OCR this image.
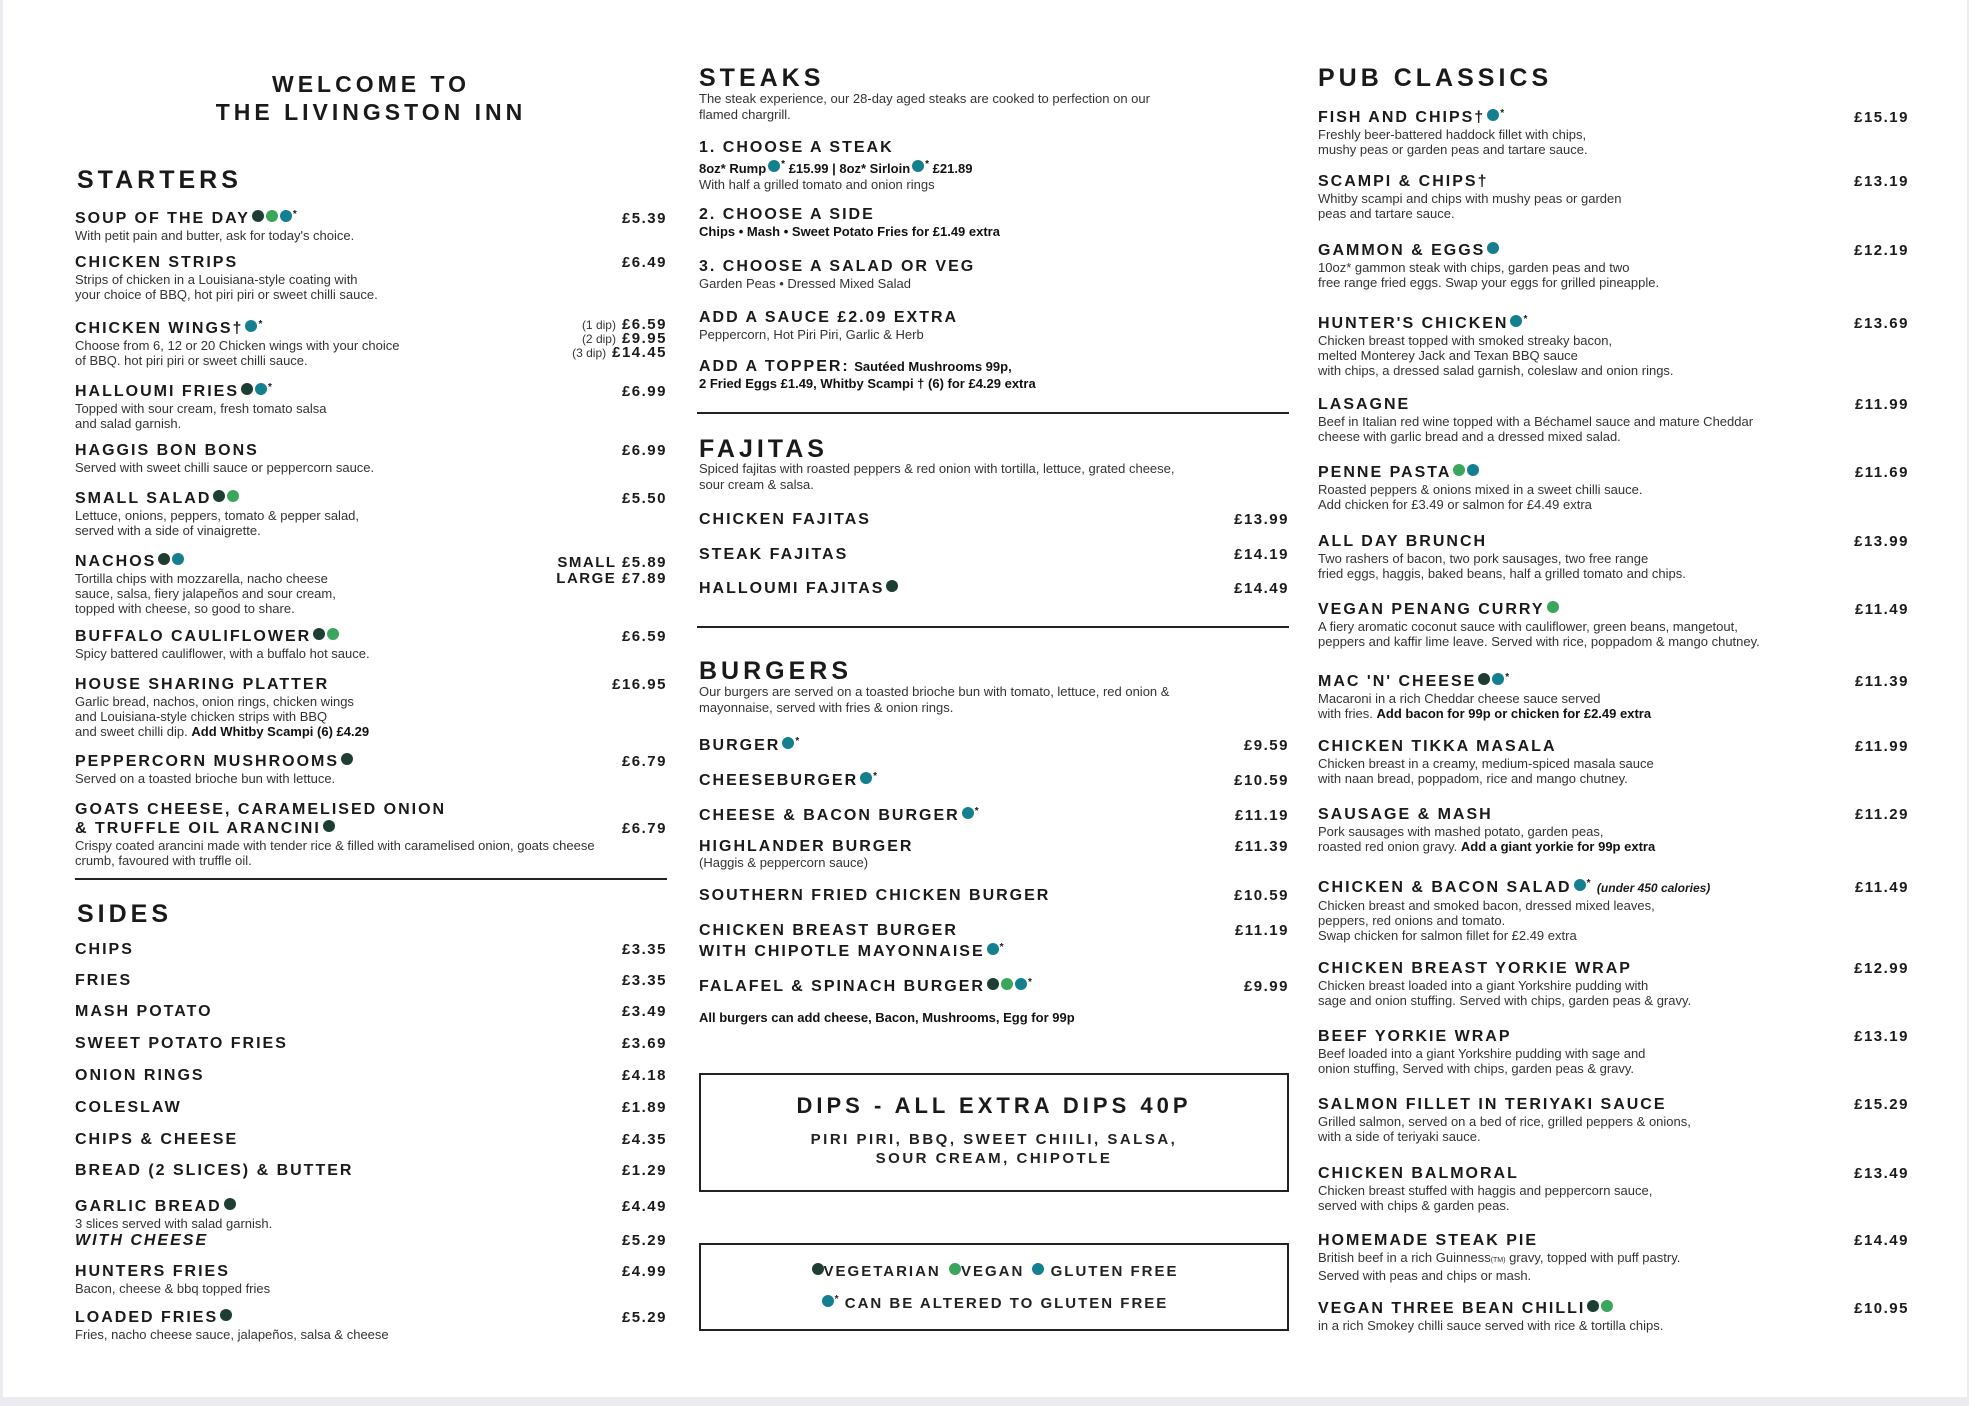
WELCOME TO
THE LIVINGSTON INN
STARTERS
SOUP OF THE DAY	*	£5.39
With petit pain and butter, ask for today's choice.
CHICKEN STRIPS	£6.49
Strips of chicken in a Louisiana-style coating with
your choice of BBQ, hot piri piri or sweet chilli sauce.
CHICKEN WINGS† *
Choose from 6, 12 or 20 Chicken wings with your choice
of BBQ. hot piri piri or sweet chilli sauce.
(1 dip) £6.59
(2 dip) £9.95
(3 dip) £14.45
HALLOUMI FRIES	*	£6.99
Topped with sour cream, fresh tomato salsa
and salad garnish.
HAGGIS BON BONS	£6.99
Served with sweet chilli sauce or peppercorn sauce.
SMALL SALAD	£5.50
Lettuce, onions, peppers, tomato & pepper salad,
served with a side of vinaigrette.
NACHOS
Tortilla chips with mozzarella, nacho cheese
sauce, salsa, fiery jalapeños and sour cream,
topped with cheese, so good to share.
SMALL £5.89
LARGE £7.89
BUFFALO CAULIFLOWER	£6.59
Spicy battered cauliflower, with a buffalo hot sauce.
HOUSE SHARING PLATTER	£16.95
Garlic bread, nachos, onion rings, chicken wings
and Louisiana-style chicken strips with BBQ
and sweet chilli dip. Add Whitby Scampi (6) £4.29
PEPPERCORN MUSHROOMS	£6.79
Served on a toasted brioche bun with lettuce.
GOATS CHEESE, CARAMELISED ONION
& TRUFFLE OIL ARANCINI	£6.79
Crispy coated arancini made with tender rice & filled with caramelised onion, goats cheese
crumb, favoured with truffle oil.
SIDES
CHIPS	£3.35
FRIES	£3.35
MASH POTATO	£3.49
SWEET POTATO FRIES	£3.69
ONION RINGS	£4.18
COLESLAW	£1.89
CHIPS & CHEESE	£4.35
BREAD (2 SLICES) & BUTTER	£1.29
GARLIC BREAD	£4.49
3 slices served with salad garnish.
WITH CHEESE	£5.29
HUNTERS FRIES	£4.99
Bacon, cheese & bbq topped fries
LOADED FRIES	£5.29
Fries, nacho cheese sauce, jalapeños, salsa & cheese
STEAKS
The steak experience, our 28-day aged steaks are cooked to perfection on our
flamed chargrill.
1. CHOOSE A STEAK
8oz* Rump * £15.99 | 8oz* Sirloin * £21.89
With half a grilled tomato and onion rings
2. CHOOSE A SIDE
Chips • Mash • Sweet Potato Fries for £1.49 extra
3. CHOOSE A SALAD OR VEG
Garden Peas • Dressed Mixed Salad
ADD A SAUCE £2.09 EXTRA
Peppercorn, Hot Piri Piri, Garlic & Herb
ADD A TOPPER: Sautéed Mushrooms 99p,
2 Fried Eggs £1.49, Whitby Scampi † (6) for £4.29 extra
FAJITAS
Spiced fajitas with roasted peppers & red onion with tortilla, lettuce, grated cheese,
sour cream & salsa.
CHICKEN FAJITAS	£13.99
STEAK FAJITAS	£14.19
HALLOUMI FAJITAS	£14.49
BURGERS
Our burgers are served on a toasted brioche bun with tomato, lettuce, red onion &
mayonnaise, served with fries & onion rings.
BURGER *	£9.59
CHEESEBURGER *	£10.59
CHEESE & BACON BURGER *	£11.19
HIGHLANDER BURGER	£11.39
(Haggis & peppercorn sauce)
SOUTHERN FRIED CHICKEN BURGER	£10.59
CHICKEN BREAST BURGER	£11.19
WITH CHIPOTLE MAYONNAISE *
FALAFEL & SPINACH BURGER	*	£9.99
All burgers can add cheese, Bacon, Mushrooms, Egg for 99p
DIPS - ALL EXTRA DIPS 40P
PIRI PIRI, BBQ, SWEET CHIILI, SALSA,
SOUR CREAM, CHIPOTLE
VEGETARIAN VEGAN GLUTEN FREE
* CAN BE ALTERED TO GLUTEN FREE
PUB CLASSICS
FISH AND CHIPS† *	£15.19
Freshly beer-battered haddock fillet with chips,
mushy peas or garden peas and tartare sauce.
SCAMPI & CHIPS†	£13.19
Whitby scampi and chips with mushy peas or garden
peas and tartare sauce.
GAMMON & EGGS	£12.19
10oz* gammon steak with chips, garden peas and two
free range fried eggs. Swap your eggs for grilled pineapple.
HUNTER'S CHICKEN *	£13.69
Chicken breast topped with smoked streaky bacon,
melted Monterey Jack and Texan BBQ sauce
with chips, a dressed salad garnish, coleslaw and onion rings.
LASAGNE	£11.99
Beef in Italian red wine topped with a Béchamel sauce and mature Cheddar
cheese with garlic bread and a dressed mixed salad.
PENNE PASTA	£11.69
Roasted peppers & onions mixed in a sweet chilli sauce.
Add chicken for £3.49 or salmon for £4.49 extra
ALL DAY BRUNCH	£13.99
Two rashers of bacon, two pork sausages, two free range
fried eggs, haggis, baked beans, half a grilled tomato and chips.
VEGAN PENANG CURRY	£11.49
A fiery aromatic coconut sauce with cauliflower, green beans, mangetout,
peppers and kaffir lime leave. Served with rice, poppadom & mango chutney.
MAC 'N' CHEESE	*	£11.39
Macaroni in a rich Cheddar cheese sauce served
with fries. Add bacon for 99p or chicken for £2.49 extra
CHICKEN TIKKA MASALA	£11.99
Chicken breast in a creamy, medium-spiced masala sauce
with naan bread, poppadom, rice and mango chutney.
SAUSAGE & MASH	£11.29
Pork sausages with mashed potato, garden peas,
roasted red onion gravy. Add a giant yorkie for 99p extra
CHICKEN & BACON SALAD * (under 450 calories)	£11.49
Chicken breast and smoked bacon, dressed mixed leaves,
peppers, red onions and tomato.
Swap chicken for salmon fillet for £2.49 extra
CHICKEN BREAST YORKIE WRAP	£12.99
Chicken breast loaded into a giant Yorkshire pudding with
sage and onion stuffing. Served with chips, garden peas & gravy.
BEEF YORKIE WRAP	£13.19
Beef loaded into a giant Yorkshire pudding with sage and
onion stuffing, Served with chips, garden peas & gravy.
SALMON FILLET IN TERIYAKI SAUCE	£15.29
Grilled salmon, served on a bed of rice, grilled peppers & onions,
with a side of teriyaki sauce.
CHICKEN BALMORAL	£13.49
Chicken breast stuffed with haggis and peppercorn sauce,
served with chips & garden peas.
HOMEMADE STEAK PIE	£14.49
British beef in a rich Guinness(TM) gravy, topped with puff pastry.
Served with peas and chips or mash.
VEGAN THREE BEAN CHILLI	£10.95
in a rich Smokey chilli sauce served with rice & tortilla chips.
